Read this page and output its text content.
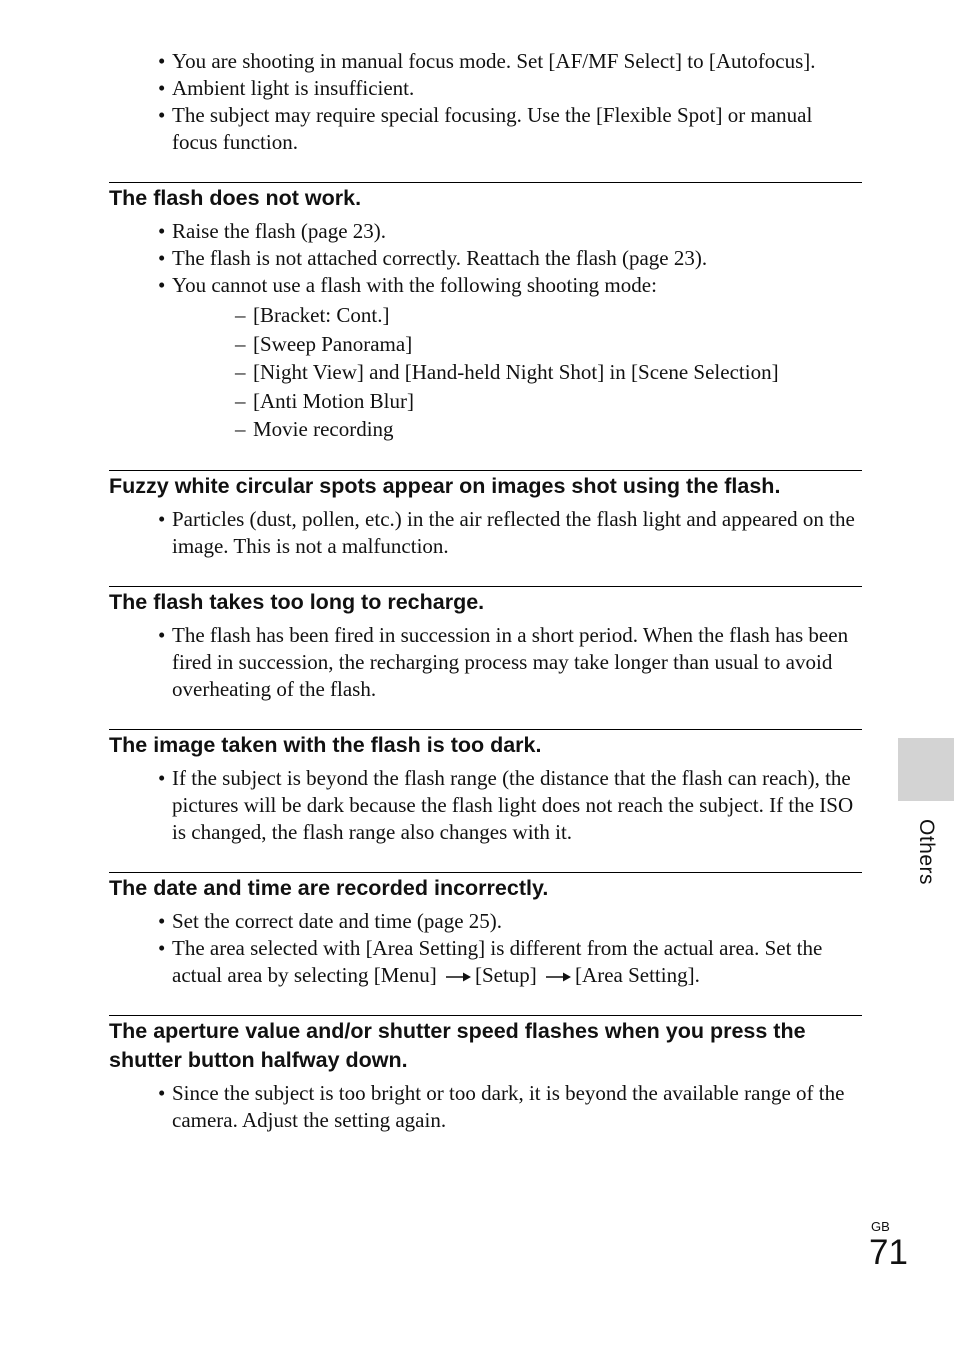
• You are shooting in manual focus mode. Set [AF/MF Select] to [Autofocus].
• Ambient light is insufficient.
• The subject may require special focusing. Use the [Flexible Spot] or manual focus function.
The flash does not work.
• Raise the flash (page 23).
• The flash is not attached correctly. Reattach the flash (page 23).
• You cannot use a flash with the following shooting mode:
– [Bracket: Cont.]
– [Sweep Panorama]
– [Night View] and [Hand-held Night Shot] in [Scene Selection]
– [Anti Motion Blur]
– Movie recording
Fuzzy white circular spots appear on images shot using the flash.
• Particles (dust, pollen, etc.) in the air reflected the flash light and appeared on the image. This is not a malfunction.
The flash takes too long to recharge.
• The flash has been fired in succession in a short period. When the flash has been fired in succession, the recharging process may take longer than usual to avoid overheating of the flash.
The image taken with the flash is too dark.
• If the subject is beyond the flash range (the distance that the flash can reach), the pictures will be dark because the flash light does not reach the subject. If the ISO is changed, the flash range also changes with it.
The date and time are recorded incorrectly.
• Set the correct date and time (page 25).
• The area selected with [Area Setting] is different from the actual area. Set the actual area by selecting [Menu] [Setup] [Area Setting].
The aperture value and/or shutter speed flashes when you press the shutter button halfway down.
• Since the subject is too bright or too dark, it is beyond the available range of the camera. Adjust the setting again.
Others
GB
71
